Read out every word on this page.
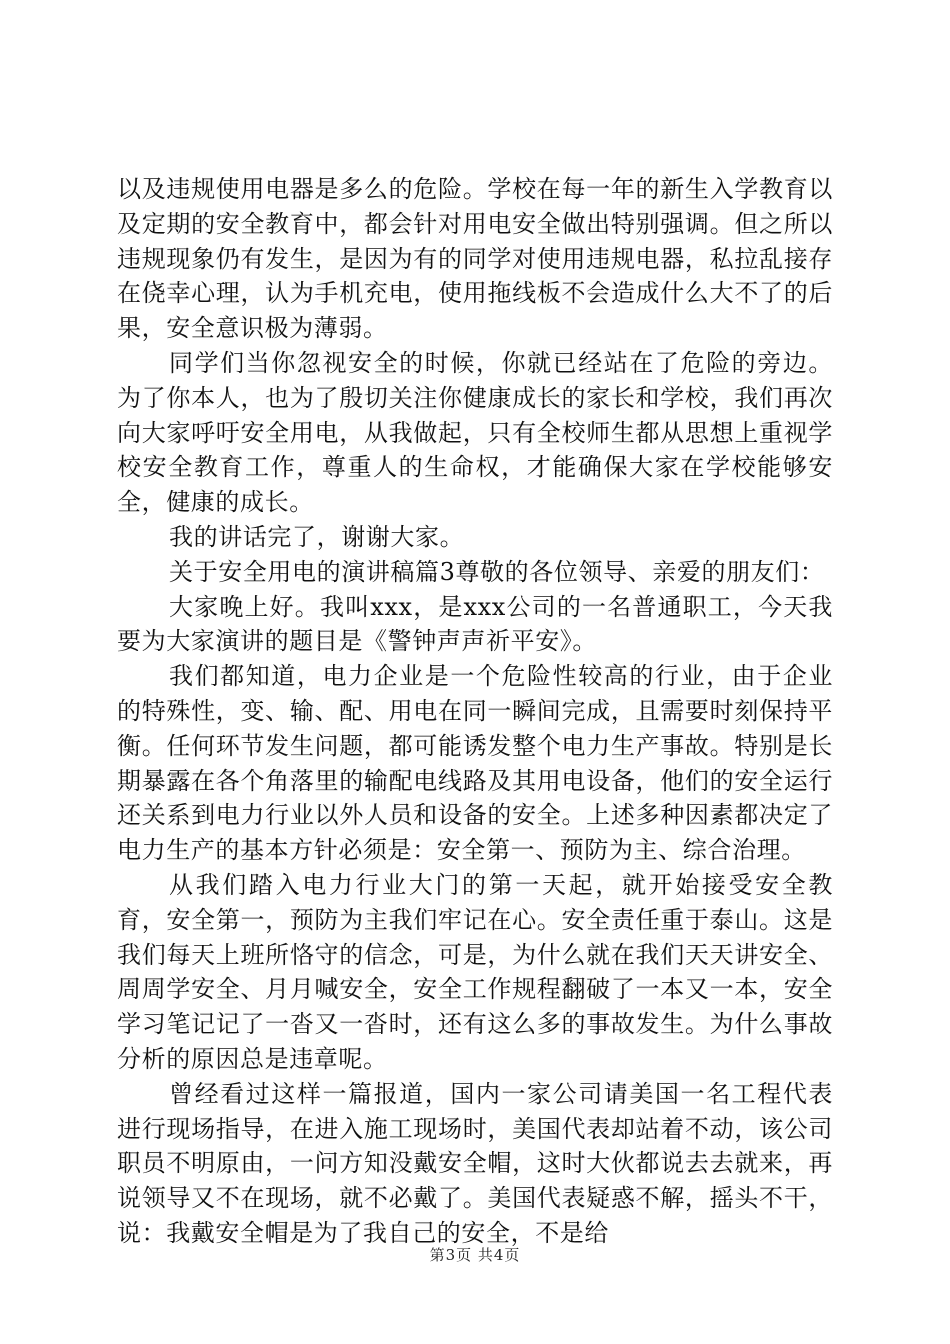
以及违规使用电器是多么的危险。学校在每一年的新生入学教育以及定期的安全教育中，都会针对用电安全做出特别强调。但之所以违规现象仍有发生，是因为有的同学对使用违规电器，私拉乱接存在侥幸心理，认为手机充电，使用拖线板不会造成什么大不了的后果，安全意识极为薄弱。

同学们当你忽视安全的时候，你就已经站在了危险的旁边。为了你本人，也为了殷切关注你健康成长的家长和学校，我们再次向大家呼吁安全用电，从我做起，只有全校师生都从思想上重视学校安全教育工作，尊重人的生命权，才能确保大家在学校能够安全，健康的成长。

我的讲话完了，谢谢大家。

关于安全用电的演讲稿篇3尊敬的各位领导、亲爱的朋友们：

大家晚上好。我叫xxx，是xxx公司的一名普通职工，今天我要为大家演讲的题目是《警钟声声祈平安》。

我们都知道，电力企业是一个危险性较高的行业，由于企业的特殊性，变、输、配、用电在同一瞬间完成，且需要时刻保持平衡。任何环节发生问题，都可能诱发整个电力生产事故。特别是长期暴露在各个角落里的输配电线路及其用电设备，他们的安全运行还关系到电力行业以外人员和设备的安全。上述多种因素都决定了电力生产的基本方针必须是：安全第一、预防为主、综合治理。

从我们踏入电力行业大门的第一天起，就开始接受安全教育，安全第一，预防为主我们牢记在心。安全责任重于泰山。这是我们每天上班所恪守的信念，可是，为什么就在我们天天讲安全、周周学安全、月月喊安全，安全工作规程翻破了一本又一本，安全学习笔记记了一沓又一沓时，还有这么多的事故发生。为什么事故分析的原因总是违章呢。

曾经看过这样一篇报道，国内一家公司请美国一名工程代表进行现场指导，在进入施工现场时，美国代表却站着不动，该公司职员不明原由，一问方知没戴安全帽，这时大伙都说去去就来，再说领导又不在现场，就不必戴了。美国代表疑惑不解，摇头不干，说：我戴安全帽是为了我自己的安全，不是给

第3页 共4页
